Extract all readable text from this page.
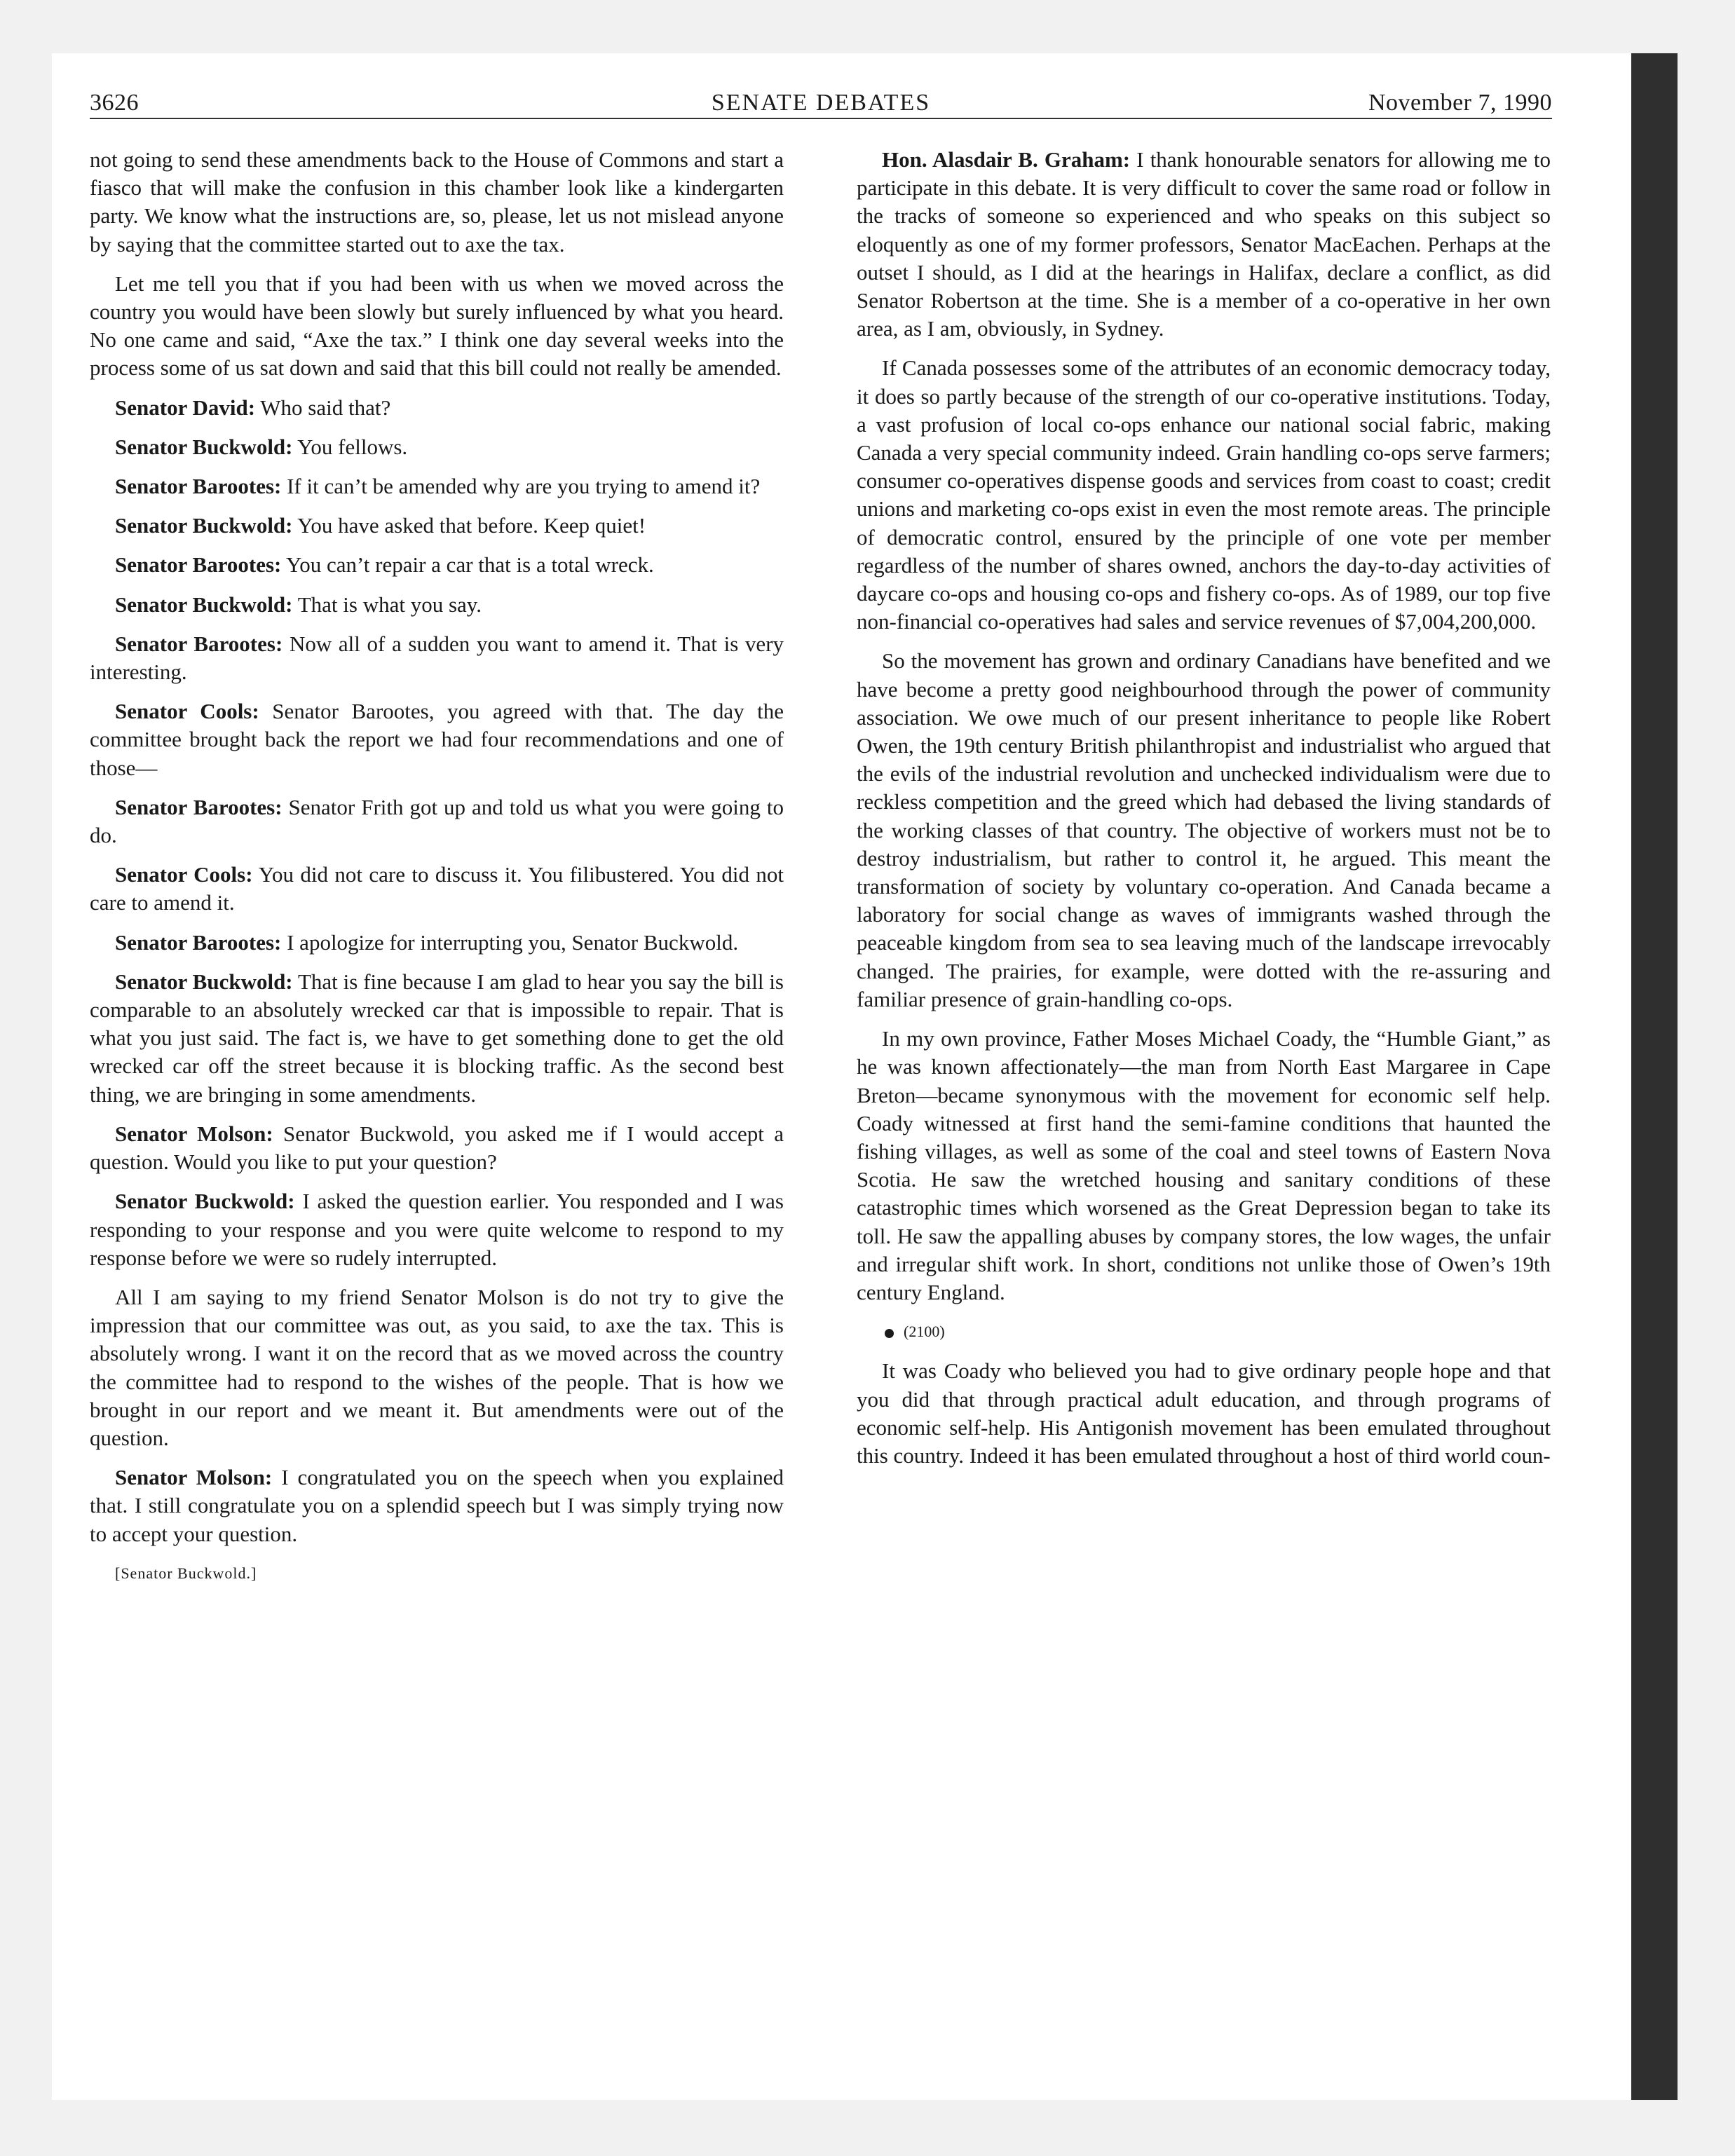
3626	SENATE DEBATES	November 7, 1990

not going to send these amendments back to the House of Commons and start a fiasco that will make the confusion in this chamber look like a kindergarten party. We know what the instructions are, so, please, let us not mislead anyone by saying that the committee started out to axe the tax.

Let me tell you that if you had been with us when we moved across the country you would have been slowly but surely influenced by what you heard. No one came and said, “Axe the tax.” I think one day several weeks into the process some of us sat down and said that this bill could not really be amended.

Senator David: Who said that?

Senator Buckwold: You fellows.

Senator Barootes: If it can’t be amended why are you trying to amend it?

Senator Buckwold: You have asked that before. Keep quiet!

Senator Barootes: You can’t repair a car that is a total wreck.

Senator Buckwold: That is what you say.

Senator Barootes: Now all of a sudden you want to amend it. That is very interesting.

Senator Cools: Senator Barootes, you agreed with that. The day the committee brought back the report we had four recommendations and one of those—

Senator Barootes: Senator Frith got up and told us what you were going to do.

Senator Cools: You did not care to discuss it. You filibustered. You did not care to amend it.

Senator Barootes: I apologize for interrupting you, Senator Buckwold.

Senator Buckwold: That is fine because I am glad to hear you say the bill is comparable to an absolutely wrecked car that is impossible to repair. That is what you just said. The fact is, we have to get something done to get the old wrecked car off the street because it is blocking traffic. As the second best thing, we are bringing in some amendments.

Senator Molson: Senator Buckwold, you asked me if I would accept a question. Would you like to put your question?

Senator Buckwold: I asked the question earlier. You responded and I was responding to your response and you were quite welcome to respond to my response before we were so rudely interrupted.

All I am saying to my friend Senator Molson is do not try to give the impression that our committee was out, as you said, to axe the tax. This is absolutely wrong. I want it on the record that as we moved across the country the committee had to respond to the wishes of the people. That is how we brought in our report and we meant it. But amendments were out of the question.

Senator Molson: I congratulated you on the speech when you explained that. I still congratulate you on a splendid speech but I was simply trying now to accept your question.

[Senator Buckwold.]

Hon. Alasdair B. Graham: I thank honourable senators for allowing me to participate in this debate. It is very difficult to cover the same road or follow in the tracks of someone so experienced and who speaks on this subject so eloquently as one of my former professors, Senator MacEachen. Perhaps at the outset I should, as I did at the hearings in Halifax, declare a conflict, as did Senator Robertson at the time. She is a member of a co-operative in her own area, as I am, obviously, in Sydney.

If Canada possesses some of the attributes of an economic democracy today, it does so partly because of the strength of our co-operative institutions. Today, a vast profusion of local co-ops enhance our national social fabric, making Canada a very special community indeed. Grain handling co-ops serve farmers; consumer co-operatives dispense goods and services from coast to coast; credit unions and marketing co-ops exist in even the most remote areas. The principle of democratic control, ensured by the principle of one vote per member regardless of the number of shares owned, anchors the day-to-day activities of daycare co-ops and housing co-ops and fishery co-ops. As of 1989, our top five non-financial co-operatives had sales and service revenues of $7,004,200,000.

So the movement has grown and ordinary Canadians have benefited and we have become a pretty good neighbourhood through the power of community association. We owe much of our present inheritance to people like Robert Owen, the 19th century British philanthropist and industrialist who argued that the evils of the industrial revolution and unchecked individualism were due to reckless competition and the greed which had debased the living standards of the working classes of that country. The objective of workers must not be to destroy industrialism, but rather to control it, he argued. This meant the transformation of society by voluntary co-operation. And Canada became a laboratory for social change as waves of immigrants washed through the peaceable kingdom from sea to sea leaving much of the landscape irrevocably changed. The prairies, for example, were dotted with the re-assuring and familiar presence of grain-handling co-ops.

In my own province, Father Moses Michael Coady, the “Humble Giant,” as he was known affectionately—the man from North East Margaree in Cape Breton—became synonymous with the movement for economic self help. Coady witnessed at first hand the semi-famine conditions that haunted the fishing villages, as well as some of the coal and steel towns of Eastern Nova Scotia. He saw the wretched housing and sanitary conditions of these catastrophic times which worsened as the Great Depression began to take its toll. He saw the appalling abuses by company stores, the low wages, the unfair and irregular shift work. In short, conditions not unlike those of Owen’s 19th century England.

(2100)

It was Coady who believed you had to give ordinary people hope and that you did that through practical adult education, and through programs of economic self-help. His Antigonish movement has been emulated throughout this country. Indeed it has been emulated throughout a host of third world coun-
